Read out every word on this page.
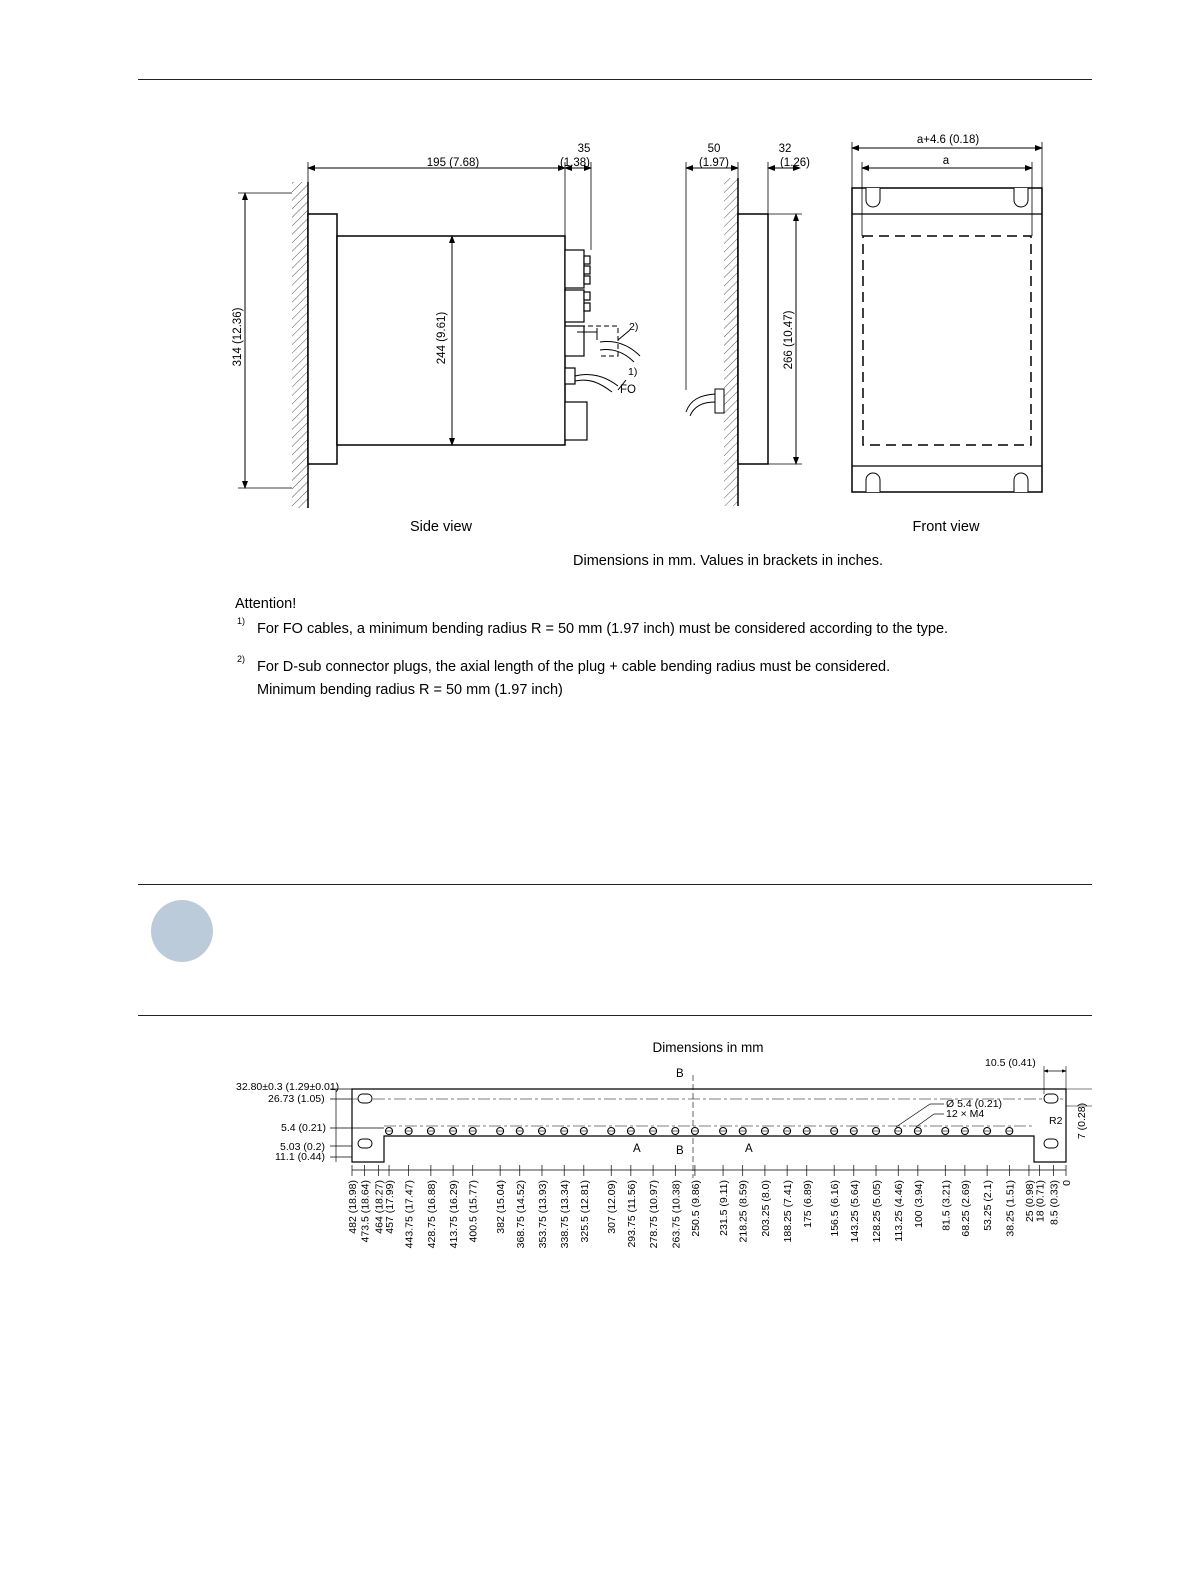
195 (7.68)
35
(1.38)
314 (12.36)	244 (9.61)	2)
1)
FO
50
(1.97)
32
(1.26)
266 (10.47)
a+4.6 (0.18)
a
Side view	Front view
Dimensions in mm. Values in brackets in inches.
Attention!
1) For FO cables, a minimum bending radius R = 50 mm (1.97 inch) must be considered according to the type.
2) For D-sub connector plugs, the axial length of the plug + cable bending radius must be considered.
Minimum bending radius R = 50 mm (1.97 inch)
Dimensions in mm
B
B
A	A
32.80±0.3 (1.29±0.01)
26.73 (1.05)
5.4 (0.21)
5.03 (0.2)
11.1 (0.44)
10.5 (0.41)
Ø 5.4 (0.21)
12 × M4
R2 7 (0.28)
482 (18.98) 473.5 (18.64) 464 (18.27)
457 (17.99) 443.75 (17.47) 428.75 (16.88) 413.75 (16.29) 400.5 (15.77) 382 (15.04) 368.75 (14.52) 353.75 (13.93) 338.75 (13.34) 325.5 (12.81) 307 (12.09) 293.75 (11.56) 278.75 (10.97) 263.75 (10.38) 250.5 (9.86) 231.5 (9.11) 218.25 (8.59) 203.25 (8.0) 188.25 (7.41) 175 (6.89) 156.5 (6.16) 143.25 (5.64) 128.25 (5.05) 113.25 (4.46) 100 (3.94) 81.5 (3.21) 68.25 (2.69) 53.25 (2.1) 38.25 (1.51) 25 (0.98)
18 (0.71) 8.5 (0.33) 0
